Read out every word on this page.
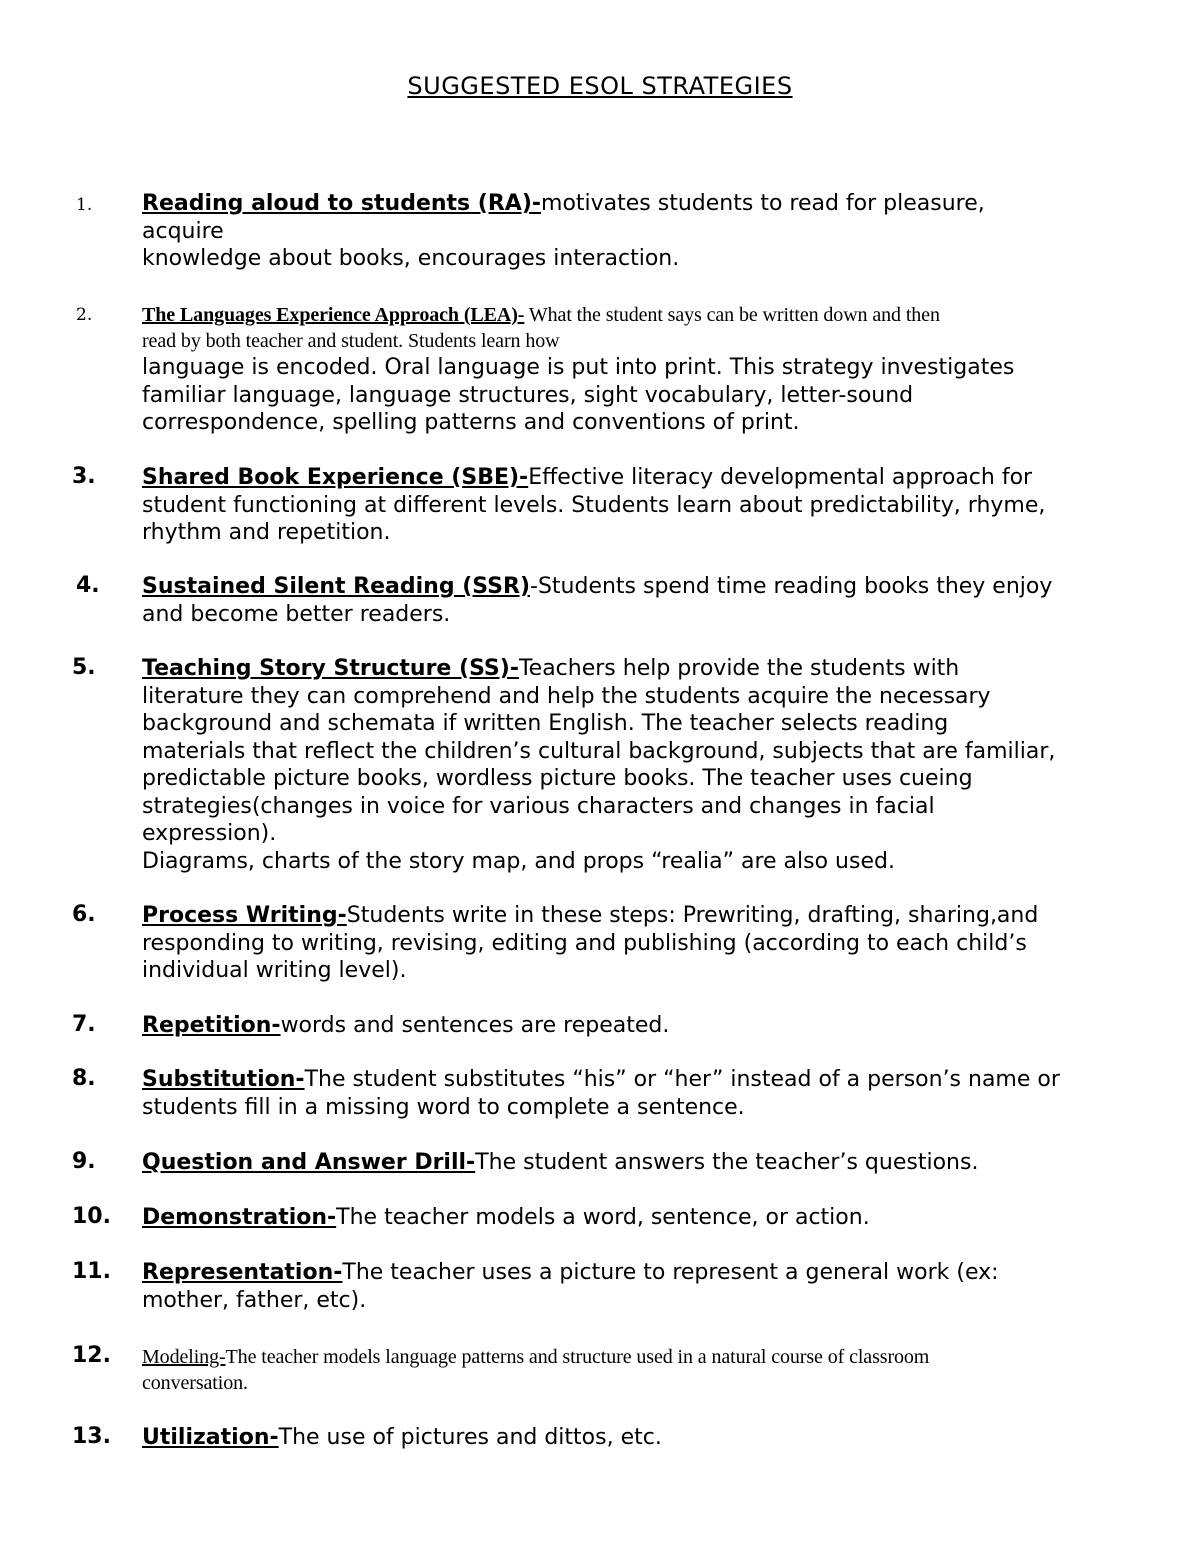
SUGGESTED ESOL STRATEGIES
1. Reading aloud to students (RA)-motivates students to read for pleasure,
acquire
knowledge about books, encourages interaction.
2. The Languages Experience Approach (LEA)- What the student says can be written down and then
read by both teacher and student. Students learn how
language is encoded. Oral language is put into print. This strategy investigates
familiar language, language structures, sight vocabulary, letter-sound
correspondence, spelling patterns and conventions of print.
3. Shared Book Experience (SBE)-Effective literacy developmental approach for
student functioning at different levels. Students learn about predictability, rhyme,
rhythm and repetition.
4. Sustained Silent Reading (SSR)-Students spend time reading books they enjoy
and become better readers.
5. Teaching Story Structure (SS)-Teachers help provide the students with
literature they can comprehend and help the students acquire the necessary
background and schemata if written English. The teacher selects reading
materials that reflect the children’s cultural background, subjects that are familiar,
predictable picture books, wordless picture books. The teacher uses cueing
strategies(changes in voice for various characters and changes in facial
expression).
Diagrams, charts of the story map, and props “realia” are also used.
6. Process Writing-Students write in these steps: Prewriting, drafting, sharing,and
responding to writing, revising, editing and publishing (according to each child’s
individual writing level).
7. Repetition-words and sentences are repeated.
8. Substitution-The student substitutes “his” or “her” instead of a person’s name or
students fill in a missing word to complete a sentence.
9. Question and Answer Drill-The student answers the teacher’s questions.
10. Demonstration-The teacher models a word, sentence, or action.
11. Representation-The teacher uses a picture to represent a general work (ex:
mother, father, etc).
12. Modeling-The teacher models language patterns and structure used in a natural course of classroom
conversation.
13. Utilization-The use of pictures and dittos, etc.
